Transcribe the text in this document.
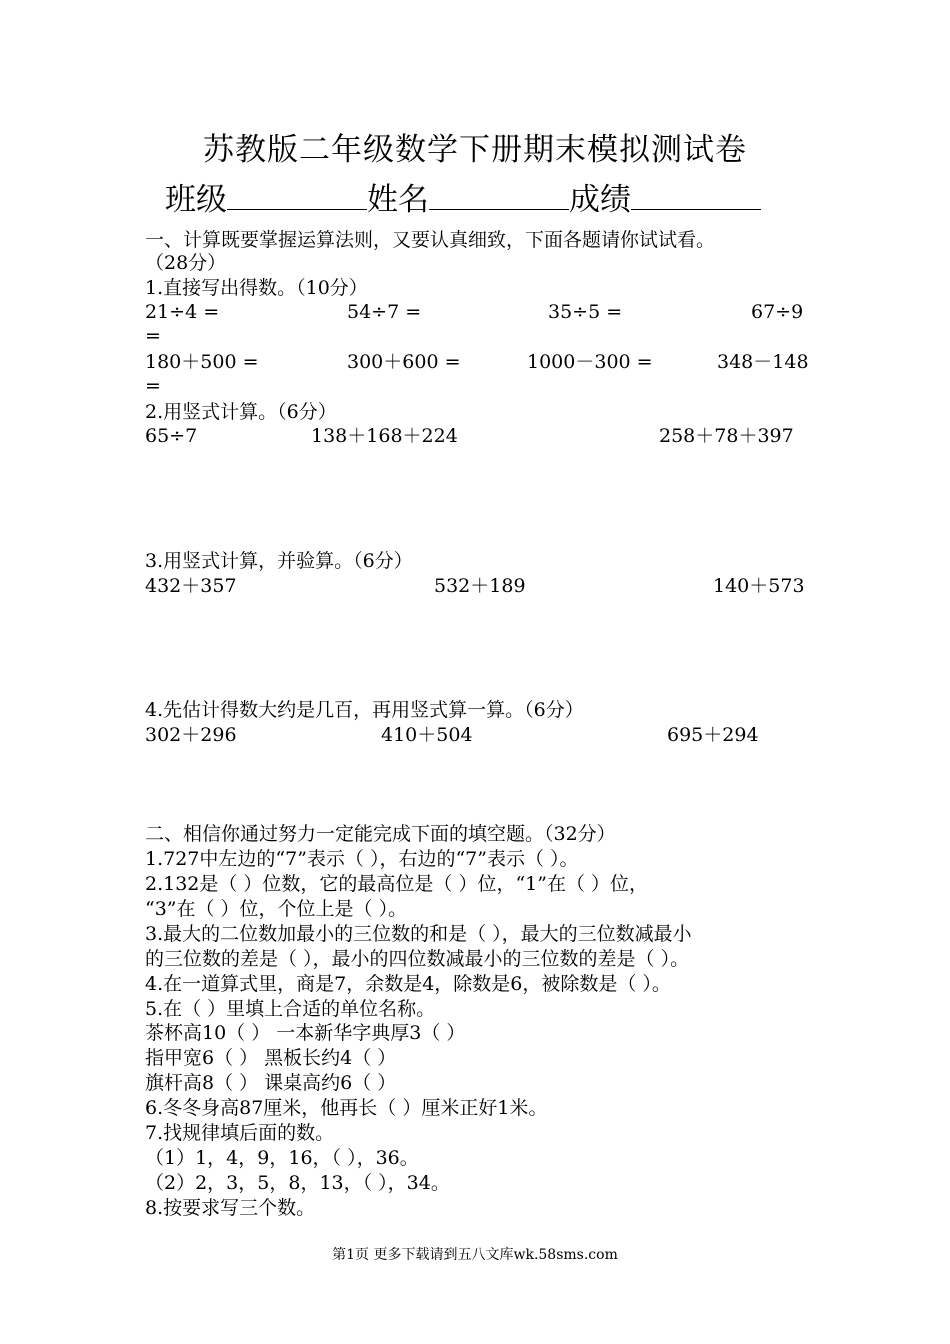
苏教版二年级数学下册期末模拟测试卷
班级	姓名	成绩
一、计算既要掌握运算法则，又要认真细致，下面各题请你试试看。
（28分）
1.直接写出得数。（10分）
21÷4 =	54÷7 =	35÷5 =	67÷9
=
180＋500 =	300＋600 =	1000－300 =	348－148
=
2.用竖式计算。（6分）
65÷7	138＋168＋224	258＋78＋397
3.用竖式计算，并验算。（6分）
432＋357	532＋189	140＋573
4.先估计得数大约是几百，再用竖式算一算。（6分）
302＋296	410＋504	695＋294
二、相信你通过努力一定能完成下面的填空题。（32分）
1.727中左边的“7”表示（ ），右边的“7”表示（ ）。
2.132是（ ）位数，它的最高位是（ ）位，“1”在（ ）位，
“3”在（ ）位，个位上是（ ）。
3.最大的二位数加最小的三位数的和是（ ），最大的三位数减最小
的三位数的差是（ ），最小的四位数减最小的三位数的差是（ ）。
4.在一道算式里，商是7，余数是4，除数是6，被除数是（ ）。
5.在（ ）里填上合适的单位名称。
茶杯高10（ ） 一本新华字典厚3（ ）
指甲宽6（ ） 黑板长约4（ ）
旗杆高8（ ） 课桌高约6（ ）
6.冬冬身高87厘米，他再长（ ）厘米正好1米。
7.找规律填后面的数。
（1）1，4，9，16，（ ），36。
（2）2，3，5，8，13，（ ），34。
8.按要求写三个数。
第1页 更多下载请到五八文库wk.58sms.com
